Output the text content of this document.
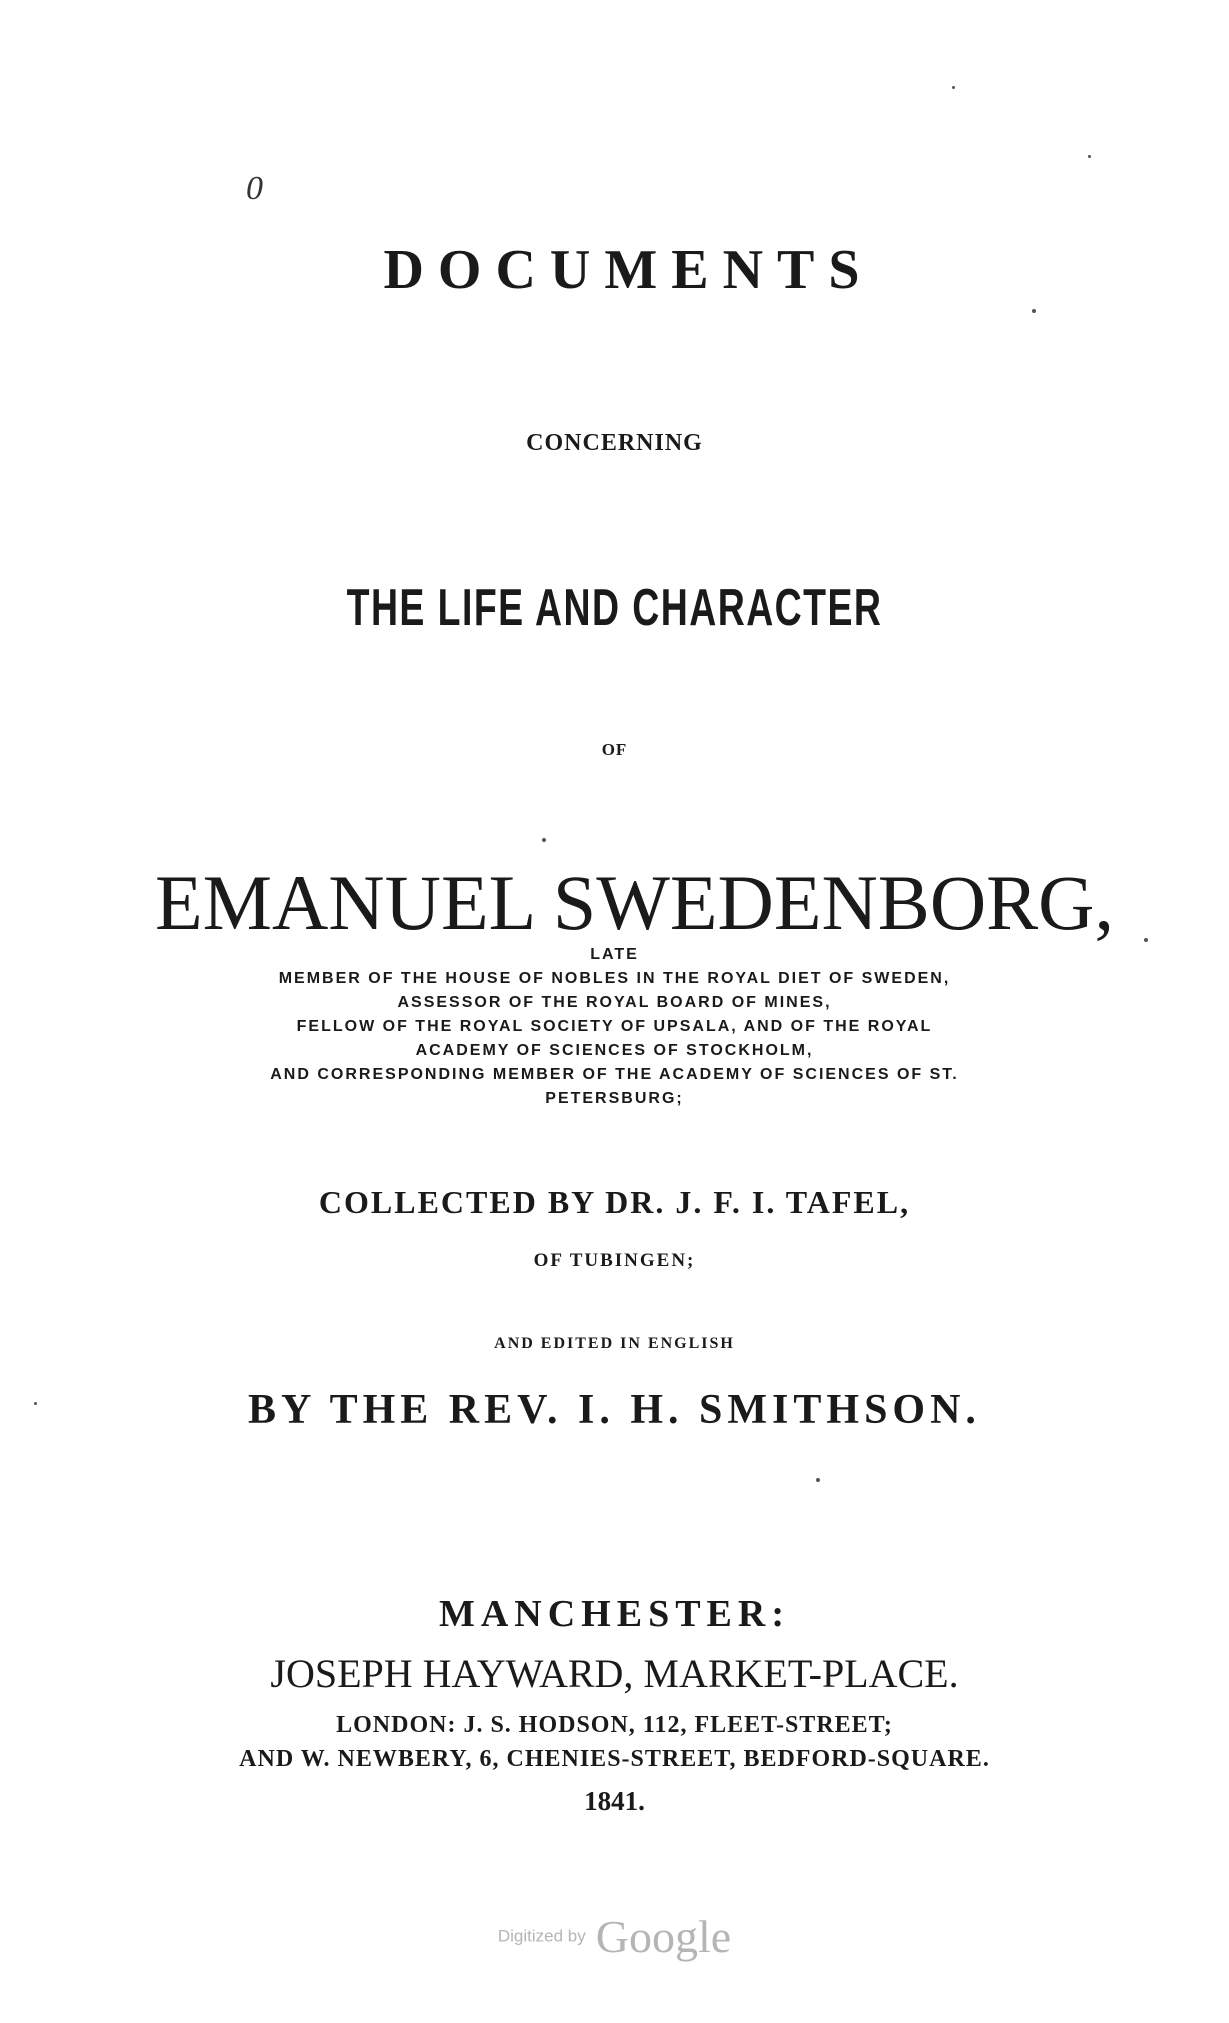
0
DOCUMENTS
CONCERNING
THE LIFE AND CHARACTER
OF
EMANUEL SWEDENBORG,
LATE
MEMBER OF THE HOUSE OF NOBLES IN THE ROYAL DIET OF SWEDEN,
ASSESSOR OF THE ROYAL BOARD OF MINES,
FELLOW OF THE ROYAL SOCIETY OF UPSALA, AND OF THE ROYAL
ACADEMY OF SCIENCES OF STOCKHOLM,
AND CORRESPONDING MEMBER OF THE ACADEMY OF SCIENCES OF ST.
PETERSBURG;
COLLECTED BY DR. J. F. I. TAFEL,
OF TUBINGEN;
AND EDITED IN ENGLISH
BY THE REV. I. H. SMITHSON.
MANCHESTER:
JOSEPH HAYWARD, MARKET-PLACE.
LONDON: J. S. HODSON, 112, FLEET-STREET;
AND W. NEWBERY, 6, CHENIES-STREET, BEDFORD-SQUARE.
1841.
Digitized by Google
